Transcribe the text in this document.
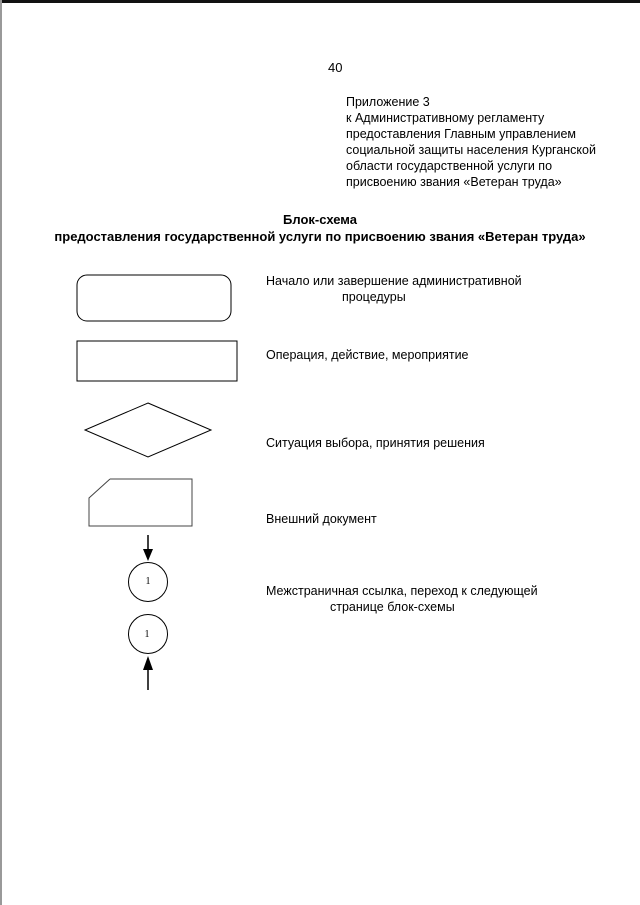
40
Приложение 3
к Административному регламенту
предоставления Главным управлением
социальной защиты населения Курганской
области государственной услуги по
присвоению звания «Ветеран труда»
Блок-схема
предоставления государственной услуги по присвоению звания «Ветеран труда»
Начало или завершение административной
процедуры
Операция, действие, мероприятие
Ситуация выбора, принятия решения
Внешний документ
1
1
Межстраничная ссылка, переход к следующей
странице блок-схемы
